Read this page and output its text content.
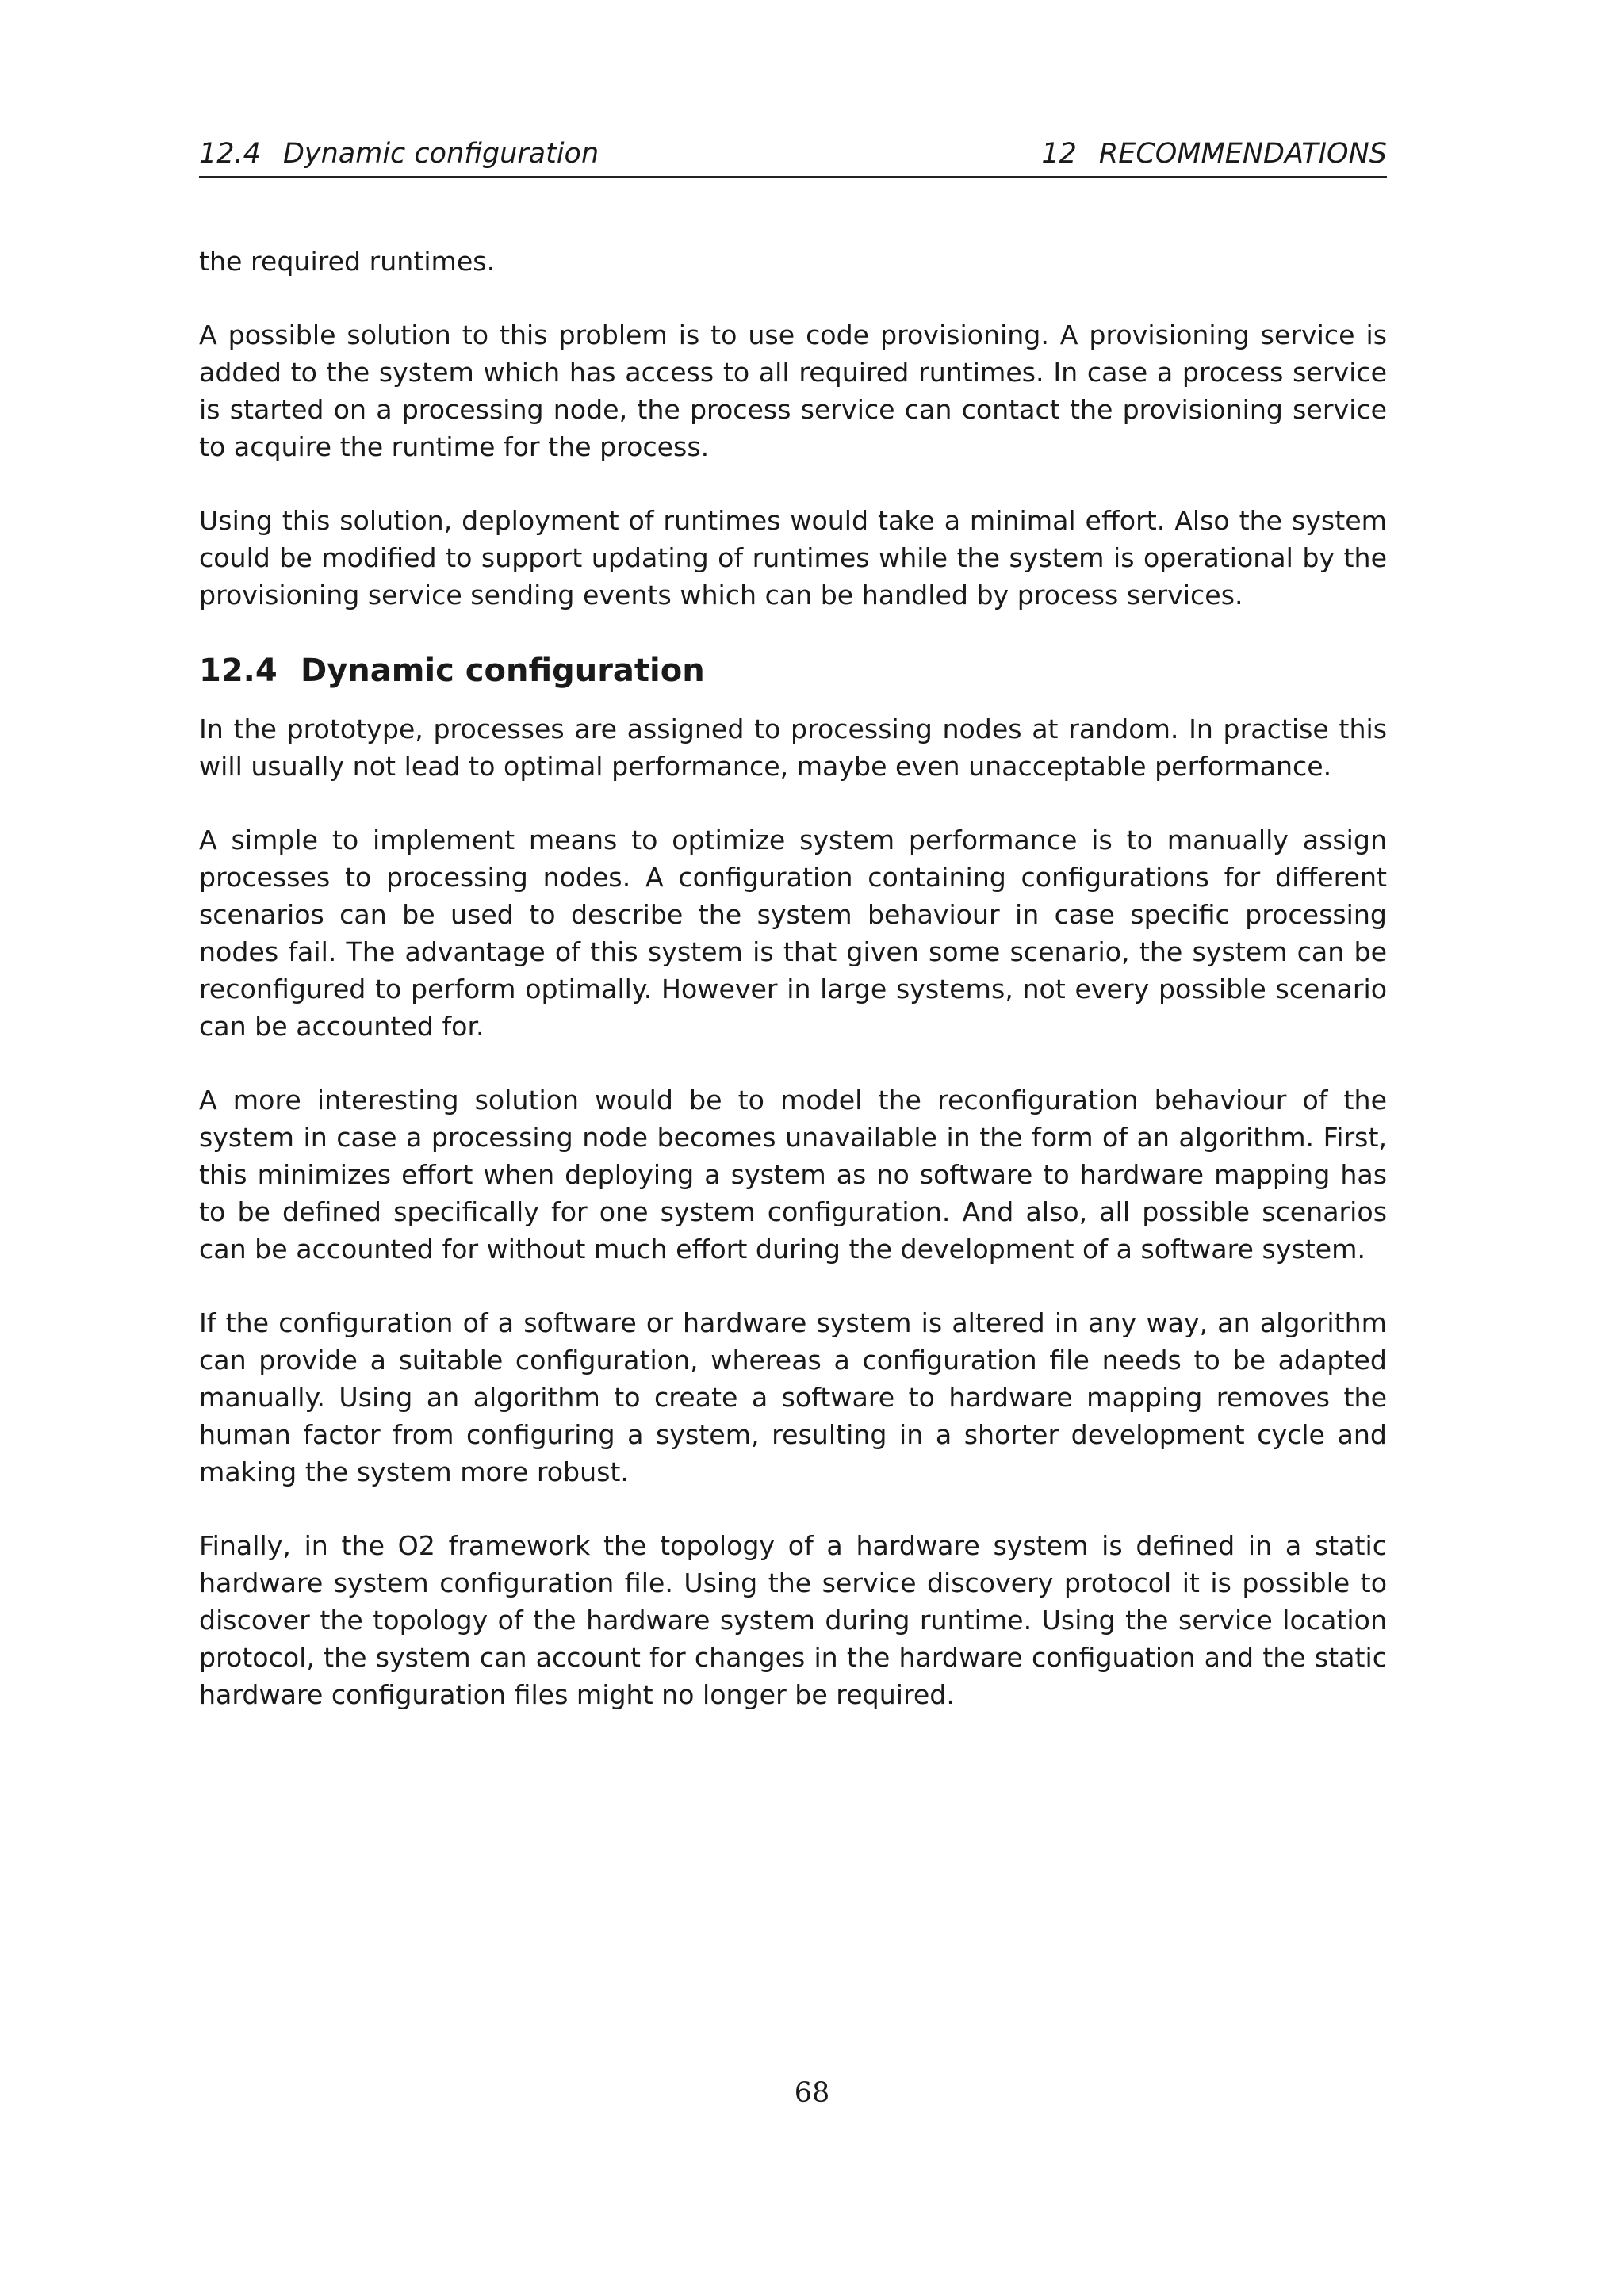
12.4 Dynamic configuration	12 RECOMMENDATIONS

the required runtimes.

A possible solution to this problem is to use code provisioning. A provisioning service is added to the system which has access to all required runtimes. In case a process service is started on a processing node, the process service can contact the provisioning service to acquire the runtime for the process.

Using this solution, deployment of runtimes would take a minimal effort. Also the system could be modified to support updating of runtimes while the system is operational by the provisioning service sending events which can be handled by process services.

12.4 Dynamic configuration

In the prototype, processes are assigned to processing nodes at random. In practise this will usually not lead to optimal performance, maybe even unacceptable performance.

A simple to implement means to optimize system performance is to manually assign processes to processing nodes. A configuration containing configurations for different scenarios can be used to describe the system behaviour in case specific processing nodes fail. The advantage of this system is that given some scenario, the system can be reconfigured to perform optimally. However in large systems, not every possible scenario can be accounted for.

A more interesting solution would be to model the reconfiguration behaviour of the system in case a processing node becomes unavailable in the form of an algorithm. First, this minimizes effort when deploying a system as no software to hardware mapping has to be defined specifically for one system configuration. And also, all possible scenarios can be accounted for without much effort during the development of a software system.

If the configuration of a software or hardware system is altered in any way, an algorithm can provide a suitable configuration, whereas a configuration file needs to be adapted manually. Using an algorithm to create a software to hardware mapping removes the human factor from configuring a system, resulting in a shorter development cycle and making the system more robust.

Finally, in the O2 framework the topology of a hardware system is defined in a static hardware system configuration file. Using the service discovery protocol it is possible to discover the topology of the hardware system during runtime. Using the service location protocol, the system can account for changes in the hardware configuation and the static hardware configuration files might no longer be required.

68
